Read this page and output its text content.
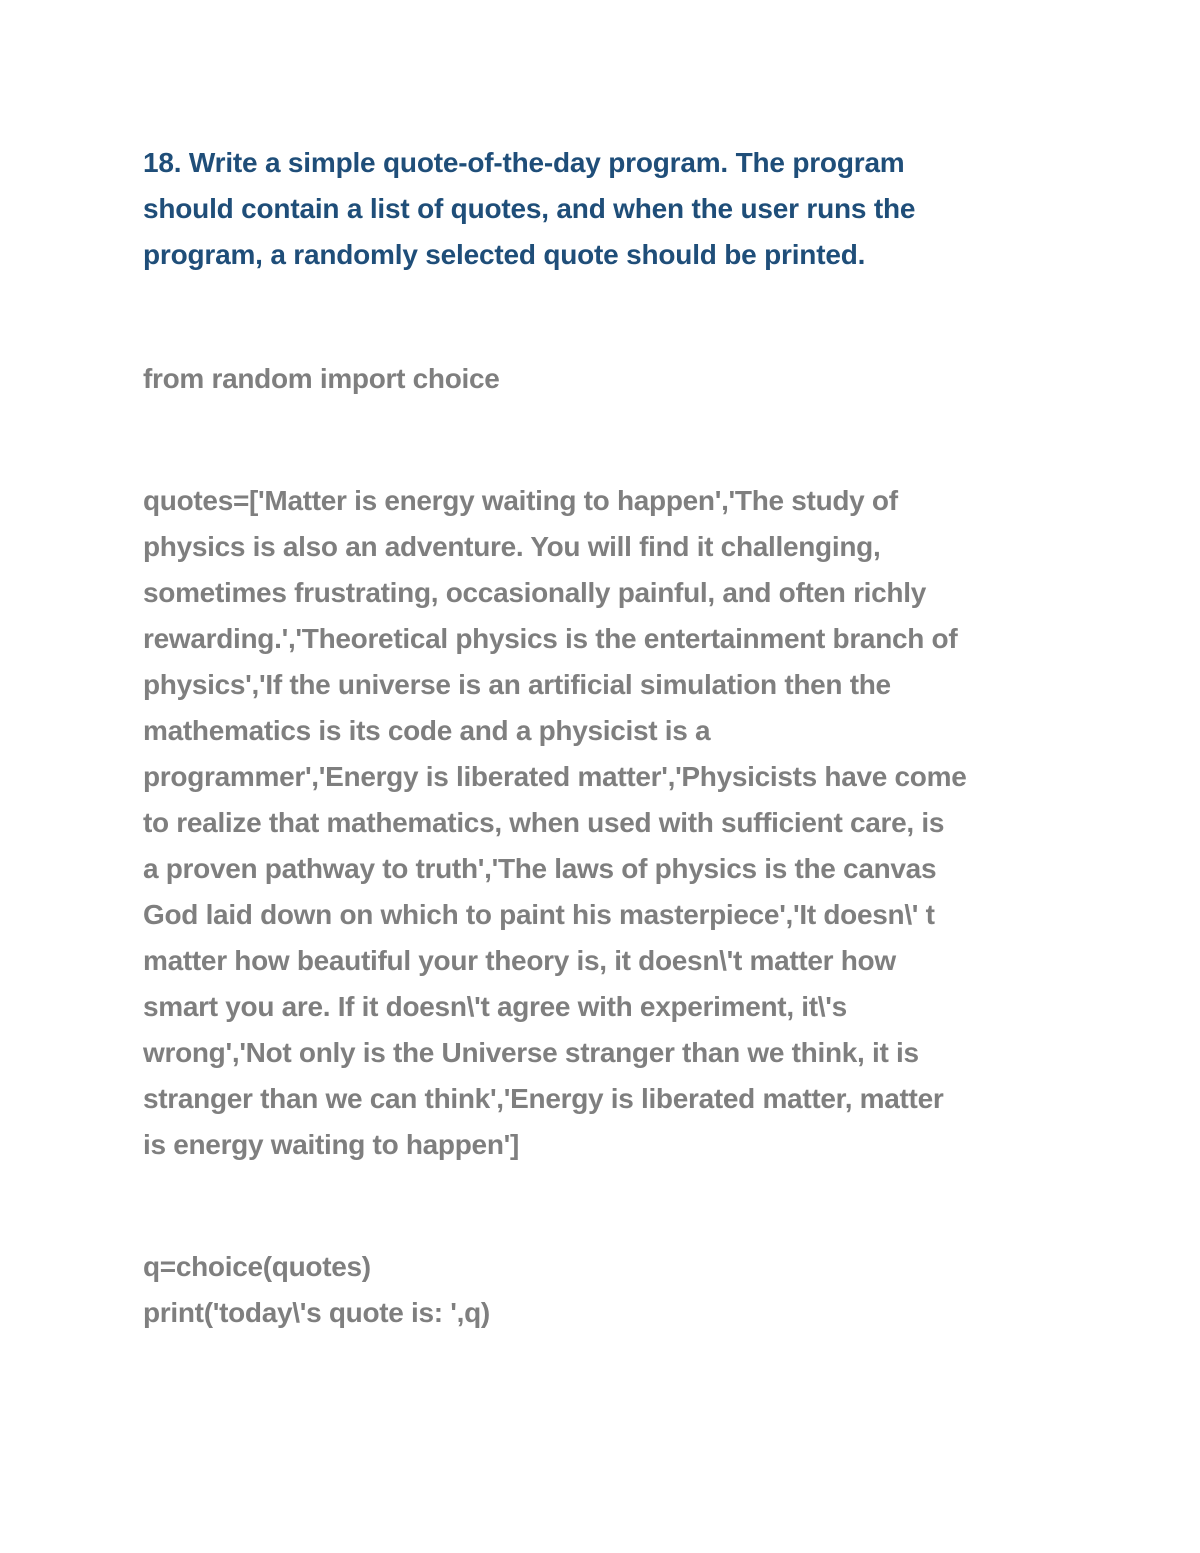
18. Write a simple quote-of-the-day program. The program
should contain a list of quotes, and when the user runs the
program, a randomly selected quote should be printed.

from random import choice

quotes=['Matter is energy waiting to happen','The study of
physics is also an adventure. You will find it challenging,
sometimes frustrating, occasionally painful, and often richly
rewarding.','Theoretical physics is the entertainment branch of
physics','If the universe is an artificial simulation then the
mathematics is its code and a physicist is a
programmer','Energy is liberated matter','Physicists have come
to realize that mathematics, when used with sufficient care, is
a proven pathway to truth','The laws of physics is the canvas
God laid down on which to paint his masterpiece','It doesn\' t
matter how beautiful your theory is, it doesn\'t matter how
smart you are. If it doesn\'t agree with experiment, it\'s
wrong','Not only is the Universe stranger than we think, it is
stranger than we can think','Energy is liberated matter, matter
is energy waiting to happen']

q=choice(quotes)

print('today\'s quote is: ',q)
